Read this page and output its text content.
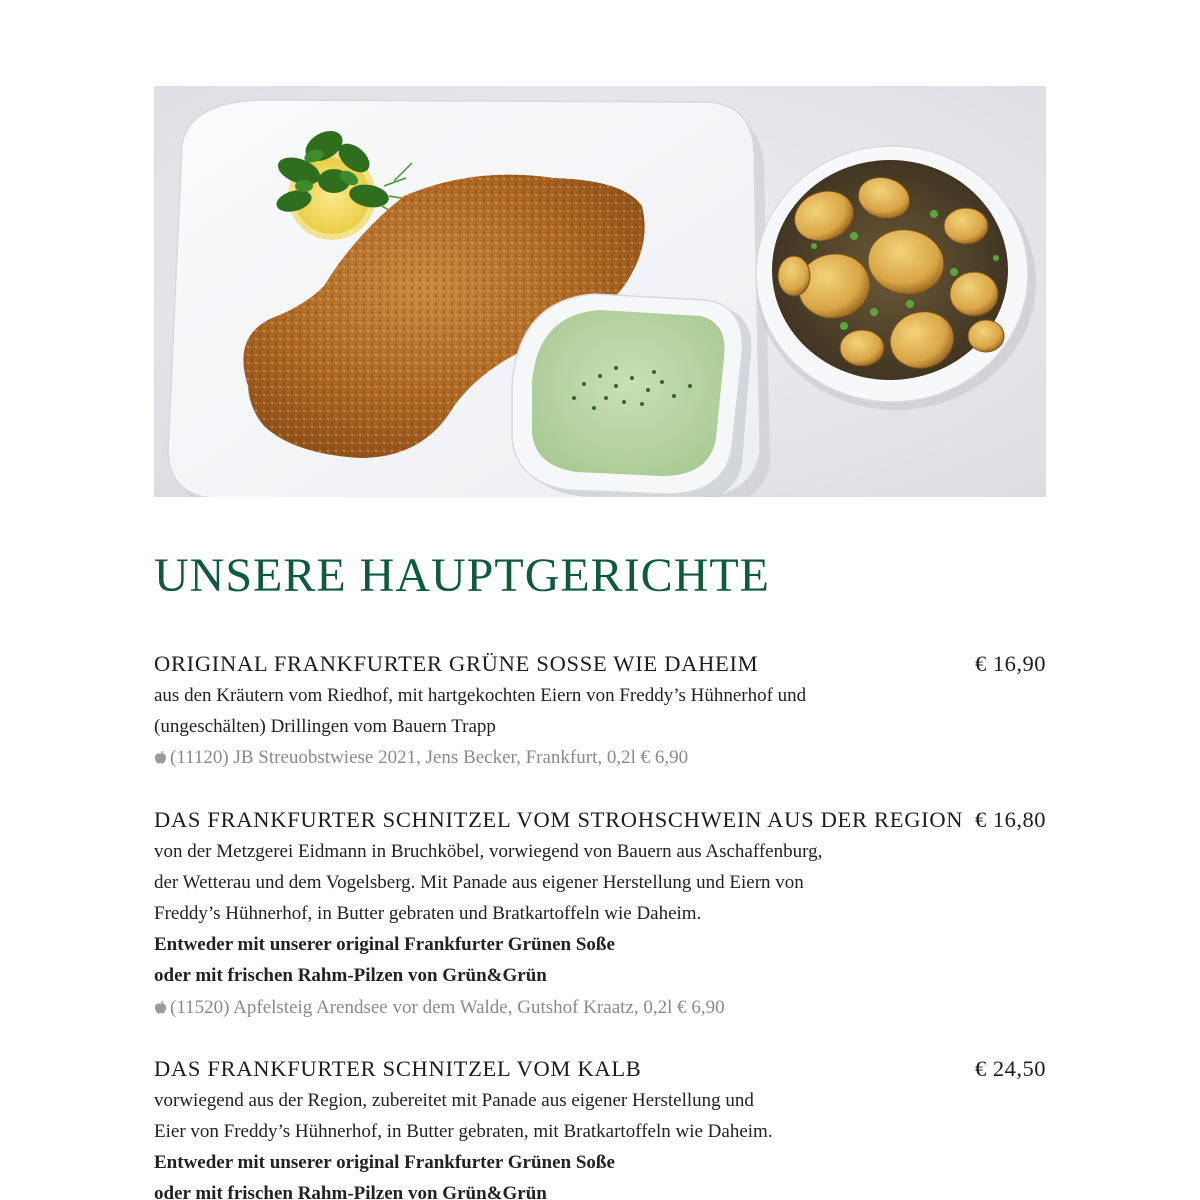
UNSERE HAUPTGERICHTE
ORIGINAL FRANKFURTER GRÜNE SOSSE WIE DAHEIM	€ 16,90
aus den Kräutern vom Riedhof, mit hartgekochten Eiern von Freddy’s Hühnerhof und
(ungeschälten) Drillingen vom Bauern Trapp
(11120) JB Streuobstwiese 2021, Jens Becker, Frankfurt, 0,2l € 6,90
DAS FRANKFURTER SCHNITZEL VOM STROHSCHWEIN AUS DER REGION € 16,80
von der Metzgerei Eidmann in Bruchköbel, vorwiegend von Bauern aus Aschaffenburg,
der Wetterau und dem Vogelsberg. Mit Panade aus eigener Herstellung und Eiern von
Freddy’s Hühnerhof, in Butter gebraten und Bratkartoffeln wie Daheim.
Entweder mit unserer original Frankfurter Grünen Soße
oder mit frischen Rahm-Pilzen von Grün&Grün
(11520) Apfelsteig Arendsee vor dem Walde, Gutshof Kraatz, 0,2l € 6,90
DAS FRANKFURTER SCHNITZEL VOM KALB	€ 24,50
vorwiegend aus der Region, zubereitet mit Panade aus eigener Herstellung und
Eier von Freddy’s Hühnerhof, in Butter gebraten, mit Bratkartoffeln wie Daheim.
Entweder mit unserer original Frankfurter Grünen Soße
oder mit frischen Rahm-Pilzen von Grün&Grün
